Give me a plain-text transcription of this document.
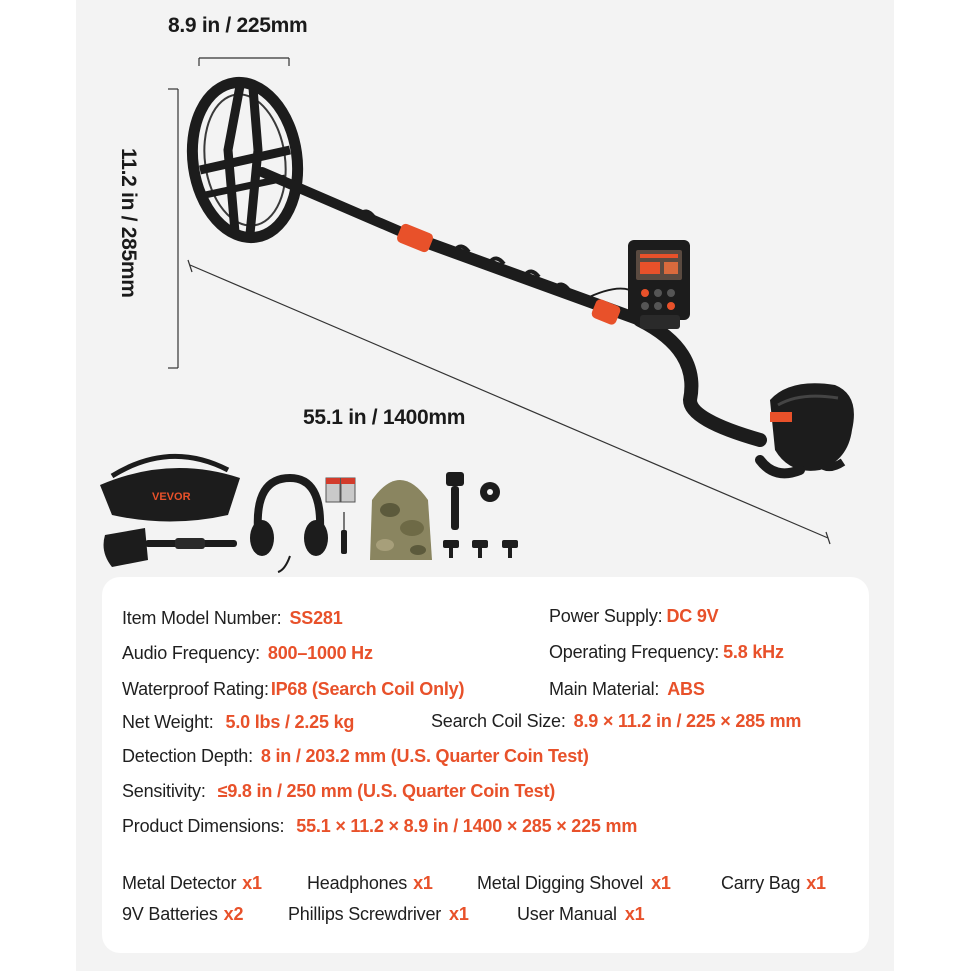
VEVOR
8.9 in / 225mm
11.2 in / 285mm
55.1 in / 1400mm
Item Model Number: SS281	Power Supply: DC 9V
Audio Frequency: 800–1000 Hz	Operating Frequency: 5.8 kHz
Waterproof Rating: IP68 (Search Coil Only)	Main Material: ABS
Net Weight: 5.0 lbs / 2.25 kg	Search Coil Size: 8.9 × 11.2 in / 225 × 285 mm
Detection Depth: 8 in / 203.2 mm (U.S. Quarter Coin Test)
Sensitivity: ≤9.8 in / 250 mm (U.S. Quarter Coin Test)
Product Dimensions: 55.1 × 11.2 × 8.9 in / 1400 × 285 × 225 mm
Metal Detector x1	Headphones x1 Metal Digging Shovel x1	Carry Bag x1
9V Batteries x2 Phillips Screwdriver x1	User Manual x1
